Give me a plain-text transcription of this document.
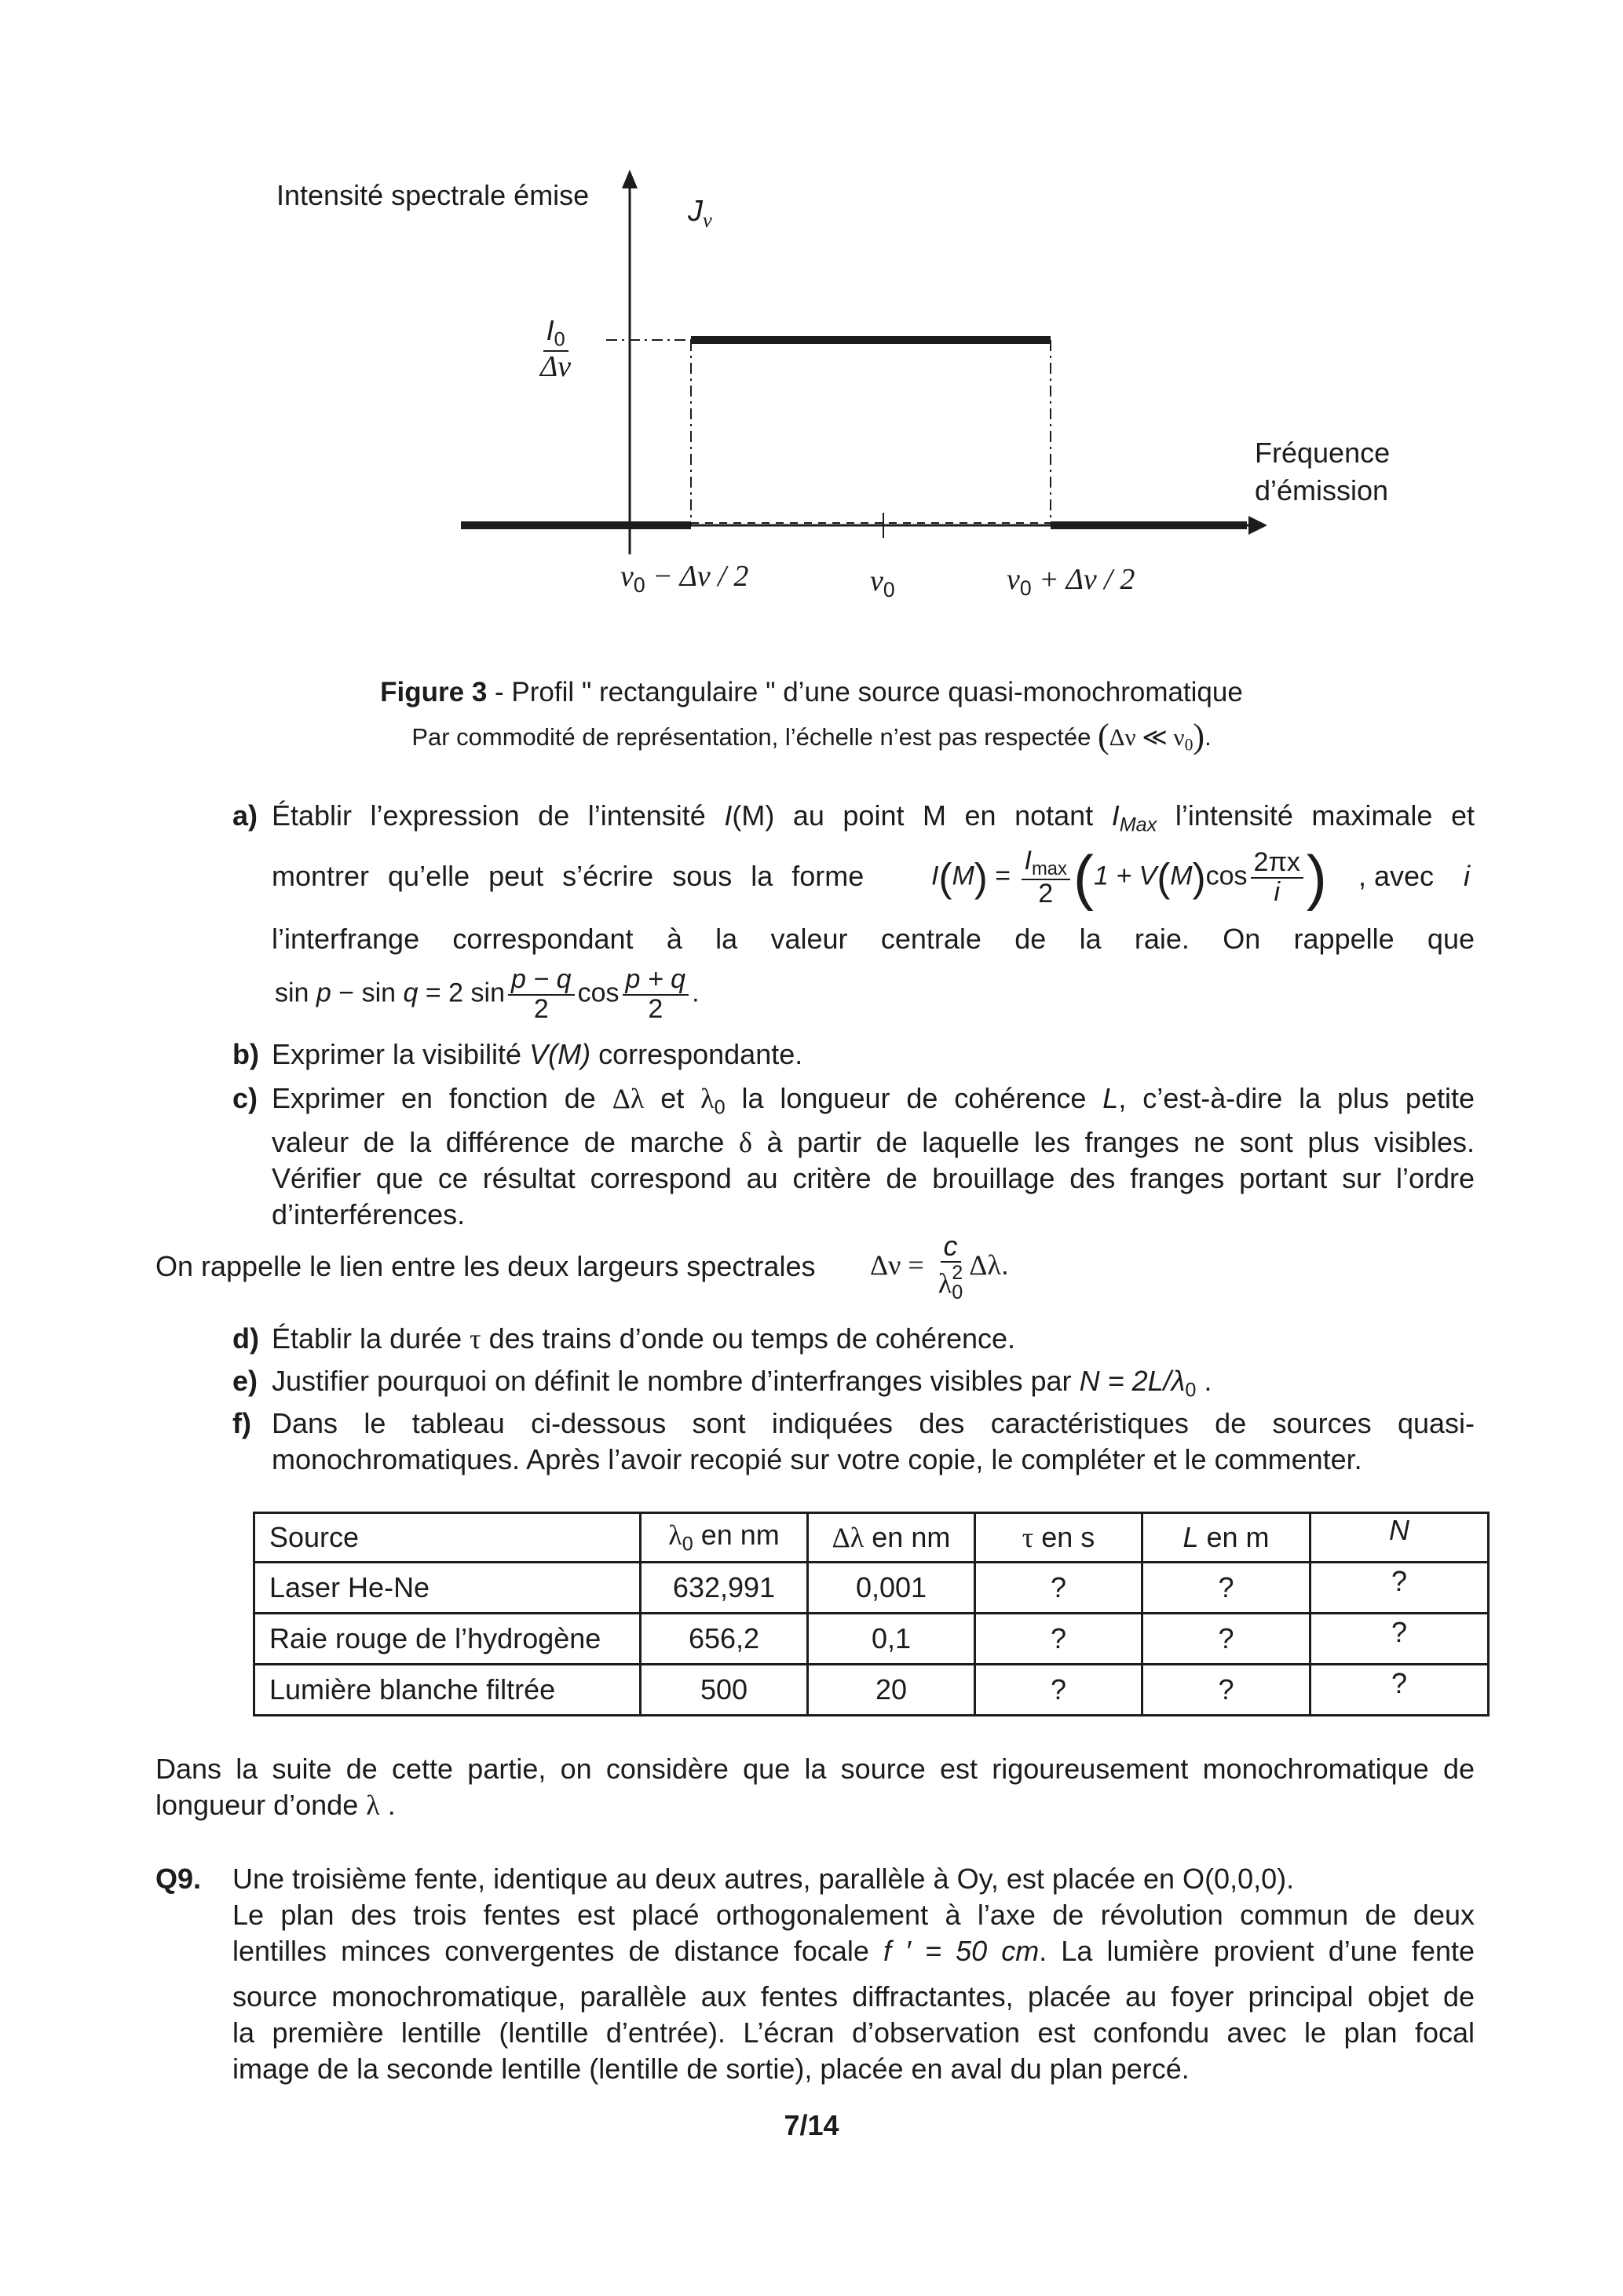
Intensité spectrale émise	$J_\nu$
$\frac{I_0}{\Delta\nu}$
Fréquence
d’émission
$\nu_0 - \Delta\nu / 2$	$\nu_0$	$\nu_0 + \Delta\nu / 2$
Figure 3 - Profil " rectangulaire " d’une source quasi-monochromatique
Par commodité de représentation, l’échelle n’est pas respectée (Δν ≪ $\nu_0$).
a) Établir l’expression de l’intensité I(M) au point M en notant $I_{Max}$ l’intensité maximale et
montrer qu’elle peut s’écrire sous la forme	$I(M) = \frac{I_{max}}{2} (1 + V(M)\cos \frac{2\pi x}{i}$ ) , avec i
l’interfrange correspondant à la valeur centrale de la raie. On rappelle que
sin p − sin q = 2 $\sin \frac{p - q}{2}$ $\cos \frac{p + q}{2}$ .
b) Exprimer la visibilité V(M) correspondante.
c) Exprimer en fonction de Δλ et $\lambda_0$ la longueur de cohérence L, c’est-à-dire la plus petite
valeur de la différence de marche δ à partir de laquelle les franges ne sont plus visibles.
Vérifier que ce résultat correspond au critère de brouillage des franges portant sur l’ordre
d’interférences.
On rappelle le lien entre les deux largeurs spectrales $\Delta\nu = \frac{c}{\lambda_0^2} \Delta\lambda$.
d) Établir la durée τ des trains d’onde ou temps de cohérence.
e) Justifier pourquoi on définit le nombre d’interfranges visibles par $N = 2L/\lambda_0$ .
f) Dans le tableau ci-dessous sont indiquées des caractéristiques de sources quasi-
monochromatiques. Après l’avoir recopié sur votre copie, le compléter et le commenter.
Source	$\lambda_0$ en nm	Δλ en nm	τ en s	L en m	N
Laser He-Ne	632,991	0,001	?	?	?
Raie rouge de l’hydrogène	656,2	0,1	?	?	?
Lumière blanche filtrée	500	20	?	?	?
Dans la suite de cette partie, on considère que la source est rigoureusement monochromatique de
longueur d’onde λ .
Q9. Une troisième fente, identique au deux autres, parallèle à Oy, est placée en O(0,0,0).
Le plan des trois fentes est placé orthogonalement à l’axe de révolution commun de deux
lentilles minces convergentes de distance focale f ′ = 50 cm. La lumière provient d’une fente
source monochromatique, parallèle aux fentes diffractantes, placée au foyer principal objet de
la première lentille (lentille d’entrée). L’écran d’observation est confondu avec le plan focal
image de la seconde lentille (lentille de sortie), placée en aval du plan percé.
7/14
